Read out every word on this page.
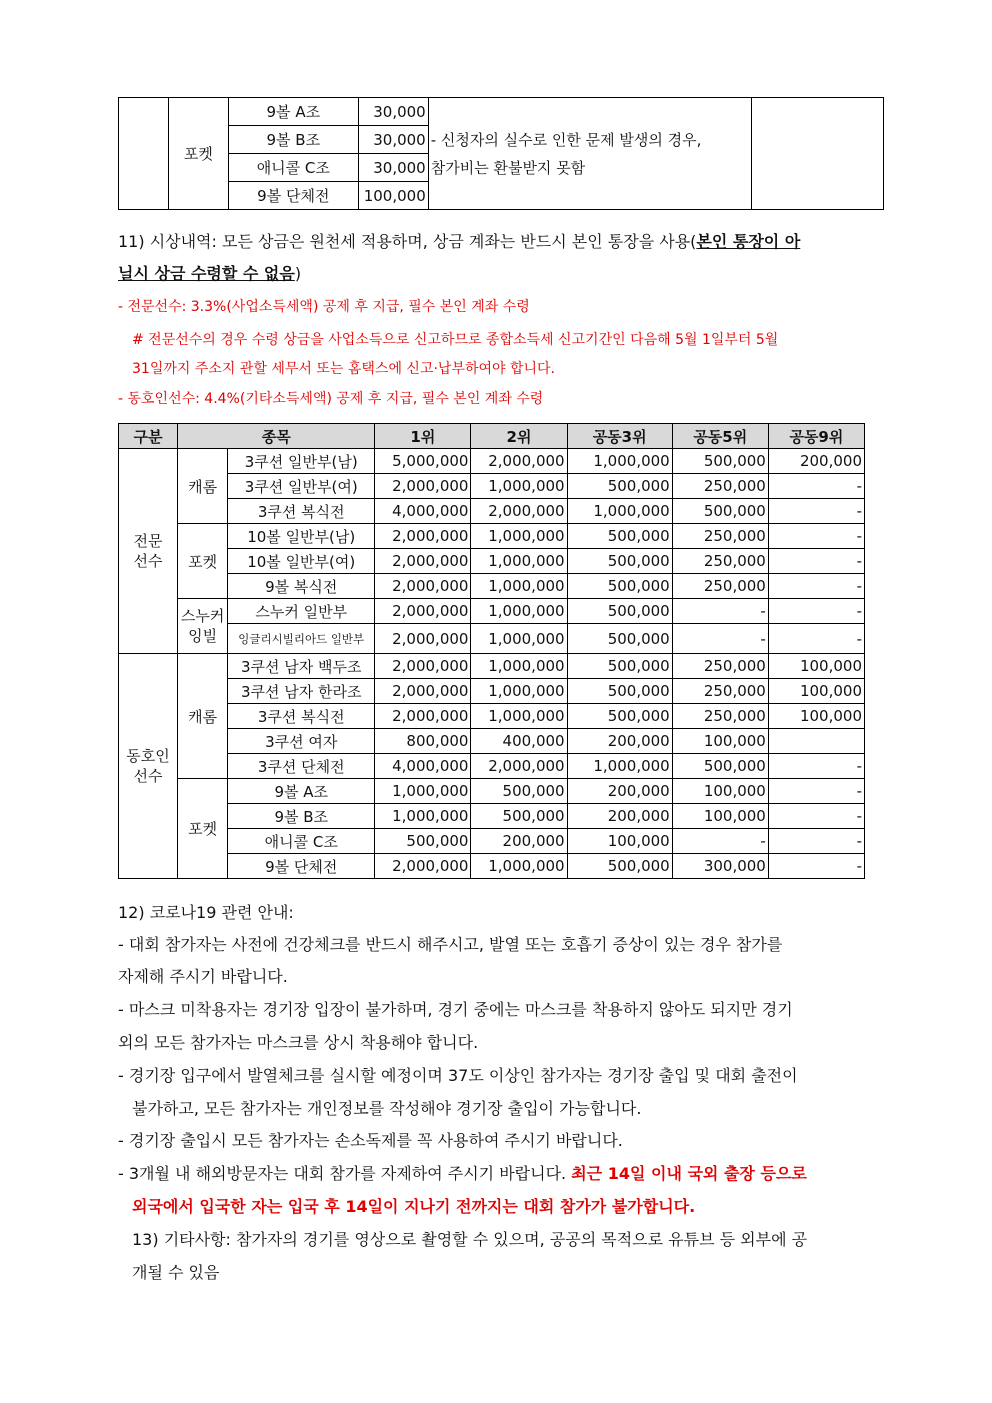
	포켓	9볼 A조	30,000	- 신청자의 실수로 인한 문제 발생의 경우,
참가비는 환불받지 못함	
		9볼 B조	30,000		
		애니콜 C조	30,000		
		9볼 단체전	100,000		
11) 시상내역: 모든 상금은 원천세 적용하며, 상금 계좌는 반드시 본인 통장을 사용(본인 통장이 아
닐시 상금 수령할 수 없음)
- 전문선수: 3.3%(사업소득세액) 공제 후 지급, 필수 본인 계좌 수령
# 전문선수의 경우 수령 상금을 사업소득으로 신고하므로 종합소득세 신고기간인 다음해 5월 1일부터 5월
31일까지 주소지 관할 세무서 또는 홈택스에 신고·납부하여야 합니다.
- 동호인선수: 4.4%(기타소득세액) 공제 후 지급, 필수 본인 계좌 수령
구분	종목		1위	2위	공동3위	공동5위	공동9위
전문
선수	캐롬	3쿠션 일반부(남)	5,000,000	2,000,000	1,000,000	500,000	200,000
		3쿠션 일반부(여)	2,000,000	1,000,000	500,000	250,000	-
		3쿠션 복식전	4,000,000	2,000,000	1,000,000	500,000	-
	포켓	10볼 일반부(남)	2,000,000	1,000,000	500,000	250,000	-
		10볼 일반부(여)	2,000,000	1,000,000	500,000	250,000	-
		9볼 복식전	2,000,000	1,000,000	500,000	250,000	-
	스누커
잉빌	스누커 일반부	2,000,000	1,000,000	500,000	-	-
		잉글리시빌리아드 일반부	2,000,000	1,000,000	500,000	-	-
동호인
선수	캐롬	3쿠션 남자 백두조	2,000,000	1,000,000	500,000	250,000	100,000
		3쿠션 남자 한라조	2,000,000	1,000,000	500,000	250,000	100,000
		3쿠션 복식전	2,000,000	1,000,000	500,000	250,000	100,000
		3쿠션 여자	800,000	400,000	200,000	100,000	
		3쿠션 단체전	4,000,000	2,000,000	1,000,000	500,000	-
	포켓	9볼 A조	1,000,000	500,000	200,000	100,000	-
		9볼 B조	1,000,000	500,000	200,000	100,000	-
		애니콜 C조	500,000	200,000	100,000	-	-
		9볼 단체전	2,000,000	1,000,000	500,000	300,000	-
12) 코로나19 관련 안내:
- 대회 참가자는 사전에 건강체크를 반드시 해주시고, 발열 또는 호흡기 증상이 있는 경우 참가를
자제해 주시기 바랍니다.
- 마스크 미착용자는 경기장 입장이 불가하며, 경기 중에는 마스크를 착용하지 않아도 되지만 경기
외의 모든 참가자는 마스크를 상시 착용해야 합니다.
- 경기장 입구에서 발열체크를 실시할 예정이며 37도 이상인 참가자는 경기장 출입 및 대회 출전이
불가하고, 모든 참가자는 개인정보를 작성해야 경기장 출입이 가능합니다.
- 경기장 출입시 모든 참가자는 손소독제를 꼭 사용하여 주시기 바랍니다.
- 3개월 내 해외방문자는 대회 참가를 자제하여 주시기 바랍니다. 최근 14일 이내 국외 출장 등으로
외국에서 입국한 자는 입국 후 14일이 지나기 전까지는 대회 참가가 불가합니다.
13) 기타사항: 참가자의 경기를 영상으로 촬영할 수 있으며, 공공의 목적으로 유튜브 등 외부에 공
개될 수 있음
